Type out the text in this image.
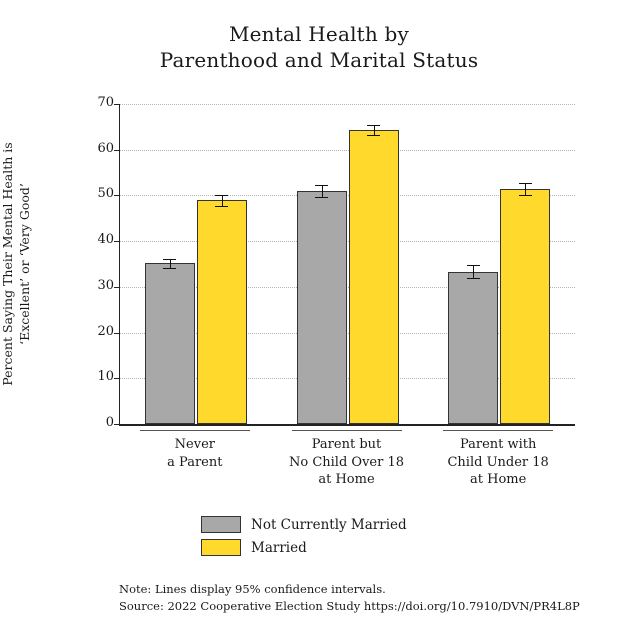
Mental Health by
Parenthood and Marital Status
Percent Saying Their Mental Health is ‘Excellent’ or ‘Very Good’
0
10
20
30
40
50
60
70
Never
a Parent
Parent but
No Child Over 18
at Home
Parent with
Child Under 18
at Home
Not Currently Married
Married
Note: Lines display 95% confidence intervals.
Source: 2022 Cooperative Election Study https://doi.org/10.7910/DVN/PR4L8P
